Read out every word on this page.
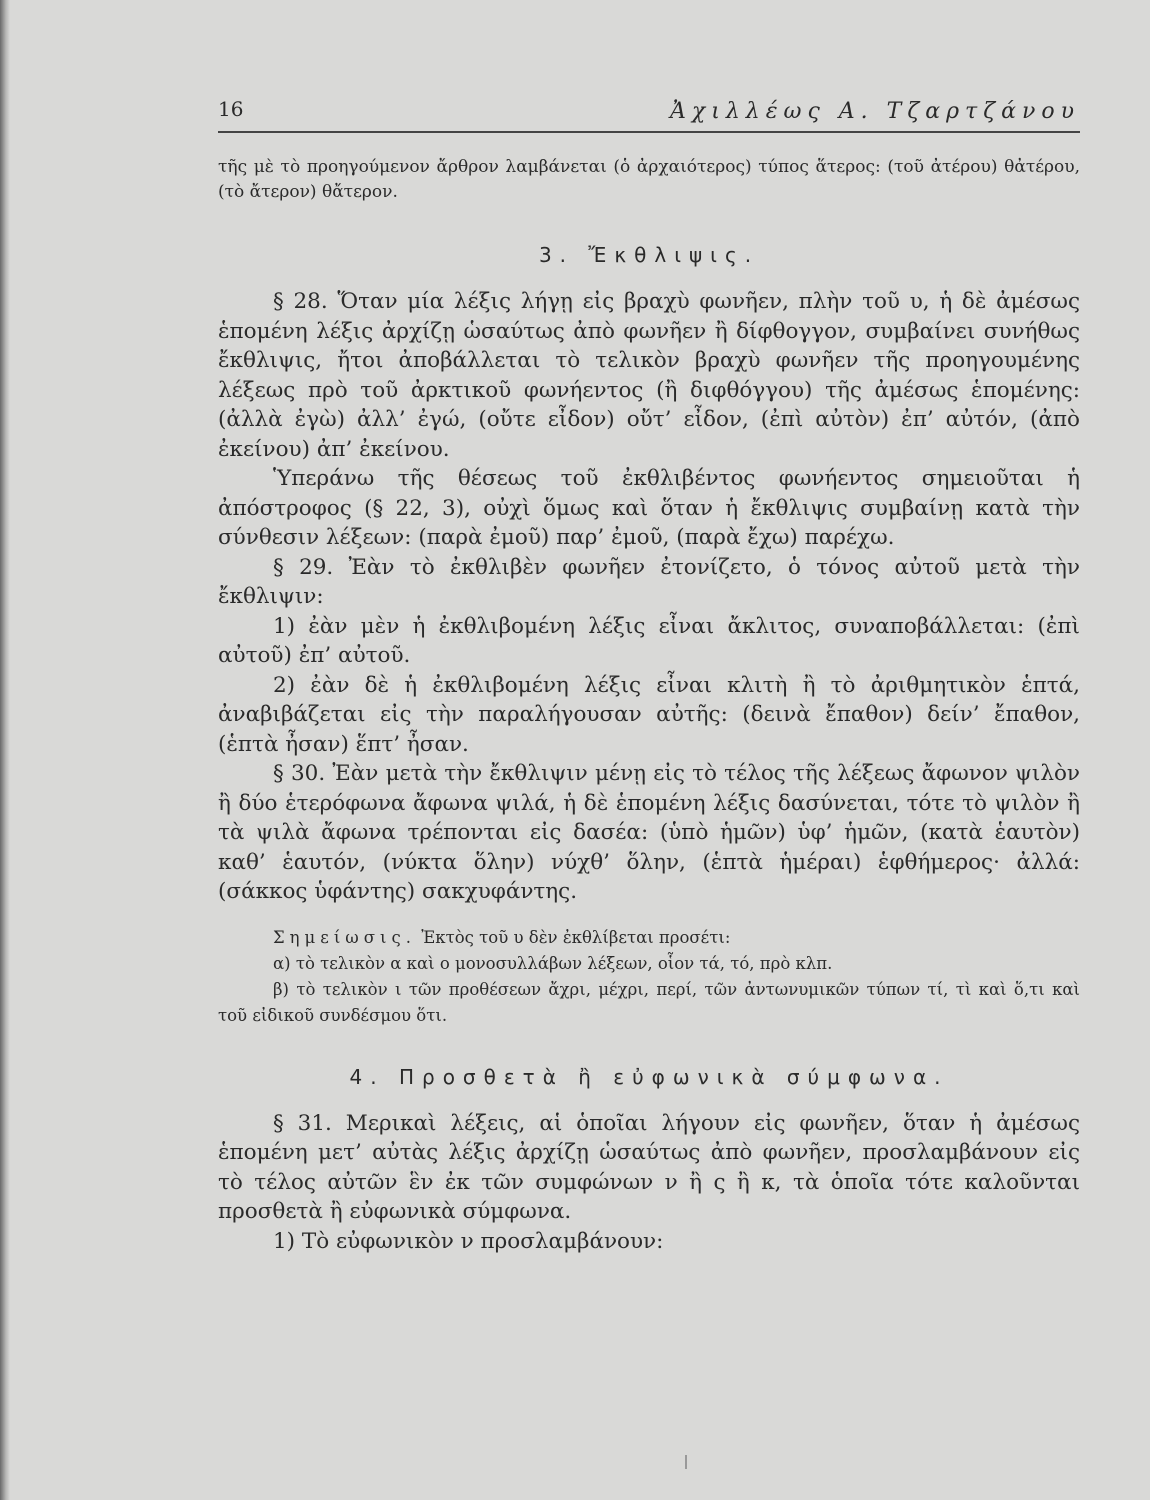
16	Ἀχιλλέως Α. Τζαρτζάνου

τῆς μὲ τὸ προηγούμενον ἄρθρον λαμβάνεται (ὁ ἀρχαιότερος) τύπος ἅτερος: (τοῦ ἀτέρου) θἀτέρου, (τὸ ἄτερον) θἄτερον.

3. Ἔκθλιψις.

§ 28. Ὅταν μία λέξις λήγῃ εἰς βραχὺ φωνῆεν, πλὴν τοῦ υ, ἡ δὲ ἀμέσως ἑπομένη λέξις ἀρχίζῃ ὡσαύτως ἀπὸ φωνῆεν ἢ δίφθογγον, συμβαίνει συνήθως ἔκθλιψις, ἤτοι ἀποβάλλεται τὸ τελικὸν βραχὺ φωνῆεν τῆς προηγουμένης λέξεως πρὸ τοῦ ἀρκτικοῦ φωνήεντος (ἢ διφθόγγου) τῆς ἀμέσως ἑπομένης: (ἀλλὰ ἐγὼ) ἀλλ’ ἐγώ, (οὔτε εἶδον) οὔτ’ εἶδον, (ἐπὶ αὐτὸν) ἐπ’ αὐτόν, (ἀπὸ ἐκείνου) ἀπ’ ἐκείνου.

Ὑπεράνω τῆς θέσεως τοῦ ἐκθλιβέντος φωνήεντος σημειοῦται ἡ ἀπόστροφος (§ 22, 3), οὐχὶ ὅμως καὶ ὅταν ἡ ἔκθλιψις συμβαίνῃ κατὰ τὴν σύνθεσιν λέξεων: (παρὰ ἐμοῦ) παρ’ ἐμοῦ, (παρὰ ἔχω) παρέχω.

§ 29. Ἐὰν τὸ ἐκθλιβὲν φωνῆεν ἐτονίζετο, ὁ τόνος αὐτοῦ μετὰ τὴν ἔκθλιψιν:

1) ἐὰν μὲν ἡ ἐκθλιβομένη λέξις εἶναι ἄκλιτος, συναποβάλλεται: (ἐπὶ αὐτοῦ) ἐπ’ αὐτοῦ.

2) ἐὰν δὲ ἡ ἐκθλιβομένη λέξις εἶναι κλιτὴ ἢ τὸ ἀριθμητικὸν ἑπτά, ἀναβιβάζεται εἰς τὴν παραλήγουσαν αὐτῆς: (δεινὰ ἔπαθον) δείν’ ἔπαθον, (ἑπτὰ ἦσαν) ἕπτ’ ἦσαν.

§ 30. Ἐὰν μετὰ τὴν ἔκθλιψιν μένῃ εἰς τὸ τέλος τῆς λέξεως ἄφωνον ψιλὸν ἢ δύο ἑτερόφωνα ἄφωνα ψιλά, ἡ δὲ ἑπομένη λέξις δασύνεται, τότε τὸ ψιλὸν ἢ τὰ ψιλὰ ἄφωνα τρέπονται εἰς δασέα: (ὑπὸ ἡμῶν) ὑφ’ ἡμῶν, (κατὰ ἑαυτὸν) καθ’ ἑαυτόν, (νύκτα ὅλην) νύχθ’ ὅλην, (ἑπτὰ ἡμέραι) ἑφθήμερος· ἀλλά: (σάκκος ὑφάντης) σακχυφάντης.

Σημείωσις. Ἐκτὸς τοῦ υ δὲν ἐκθλίβεται προσέτι:

α) τὸ τελικὸν α καὶ ο μονοσυλλάβων λέξεων, οἷον τά, τό, πρὸ κλπ.

β) τὸ τελικὸν ι τῶν προθέσεων ἄχρι, μέχρι, περί, τῶν ἀντωνυμικῶν τύπων τί, τὶ καὶ ὅ,τι καὶ τοῦ εἰδικοῦ συνδέσμου ὅτι.

4. Προσθετὰ ἢ εὐφωνικὰ σύμφωνα.

§ 31. Μερικαὶ λέξεις, αἱ ὁποῖαι λήγουν εἰς φωνῆεν, ὅταν ἡ ἀμέσως ἑπομένη μετ’ αὐτὰς λέξις ἀρχίζῃ ὡσαύτως ἀπὸ φωνῆεν, προσλαμβάνουν εἰς τὸ τέλος αὐτῶν ἓν ἐκ τῶν συμφώνων ν ἢ ς ἢ κ, τὰ ὁποῖα τότε καλοῦνται προσθετὰ ἢ εὐφωνικὰ σύμφωνα.

1) Τὸ εὐφωνικὸν ν προσλαμβάνουν:
